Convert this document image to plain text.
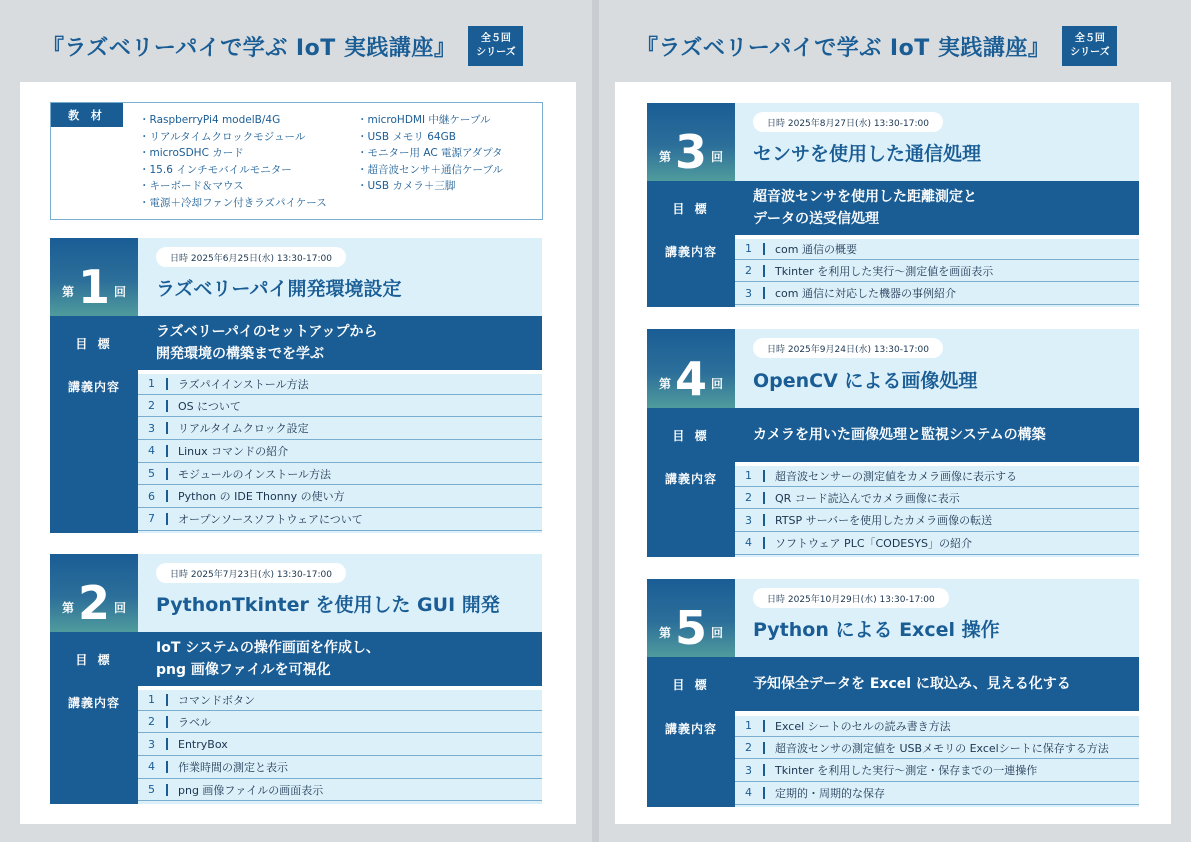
『ラズベリーパイで学ぶ IoT 実践講座』 全５回
シリーズ	『ラズベリーパイで学ぶ IoT 実践講座』 全５回
シリーズ
教 材	・RaspberryPi4 modelB/4G
・リアルタイムクロックモジュール
・microSDHC カード
・15.6 インチモバイルモニター
・キーボード＆マウス
・電源＋冷却ファン付きラズパイケース
・microHDMI 中継ケーブル
・USB メモリ 64GB
・モニター用 AC 電源アダプタ
・超音波センサ＋通信ケーブル
・USB カメラ＋三脚
第 1 回
日時 2025年6月25日(水) 13:30-17:00
ラズベリーパイ開発環境設定
目 標
ラズベリーパイのセットアップから
開発環境の構築までを学ぶ
講義内容	1	ラズパイインストール方法
2	OS について
3	リアルタイムクロック設定
4	Linux コマンドの紹介
5	モジュールのインストール方法
6	Python の IDE Thonny の使い方
7	オープンソースソフトウェアについて
第 2 回
日時 2025年7月23日(水) 13:30-17:00
PythonTkinter を使用した GUI 開発
目 標
IoT システムの操作画面を作成し、
png 画像ファイルを可視化
講義内容	1	コマンドボタン
2	ラベル
3	EntryBox
4	作業時間の測定と表示
5	png 画像ファイルの画面表示
第 3 回
日時 2025年8月27日(水) 13:30-17:00
センサを使用した通信処理
目 標
超音波センサを使用した距離測定と
データの送受信処理
講義内容	1	com 通信の概要
2	Tkinter を利用した実行～測定値を画面表示
3	com 通信に対応した機器の事例紹介
第 4 回
日時 2025年9月24日(水) 13:30-17:00
OpenCV による画像処理
目 標	カメラを用いた画像処理と監視システムの構築
講義内容	1	超音波センサーの測定値をカメラ画像に表示する
2	QR コード読込んでカメラ画像に表示
3	RTSP サーバーを使用したカメラ画像の転送
4	ソフトウェア PLC「CODESYS」の紹介
第 5 回
日時 2025年10月29日(水) 13:30-17:00
Python による Excel 操作
目 標	予知保全データを Excel に取込み、見える化する
講義内容	1	Excel シートのセルの読み書き方法
2	超音波センサの測定値を USBメモリの Excelシートに保存する方法
3	Tkinter を利用した実行～測定・保存までの一連操作
4	定期的・周期的な保存
